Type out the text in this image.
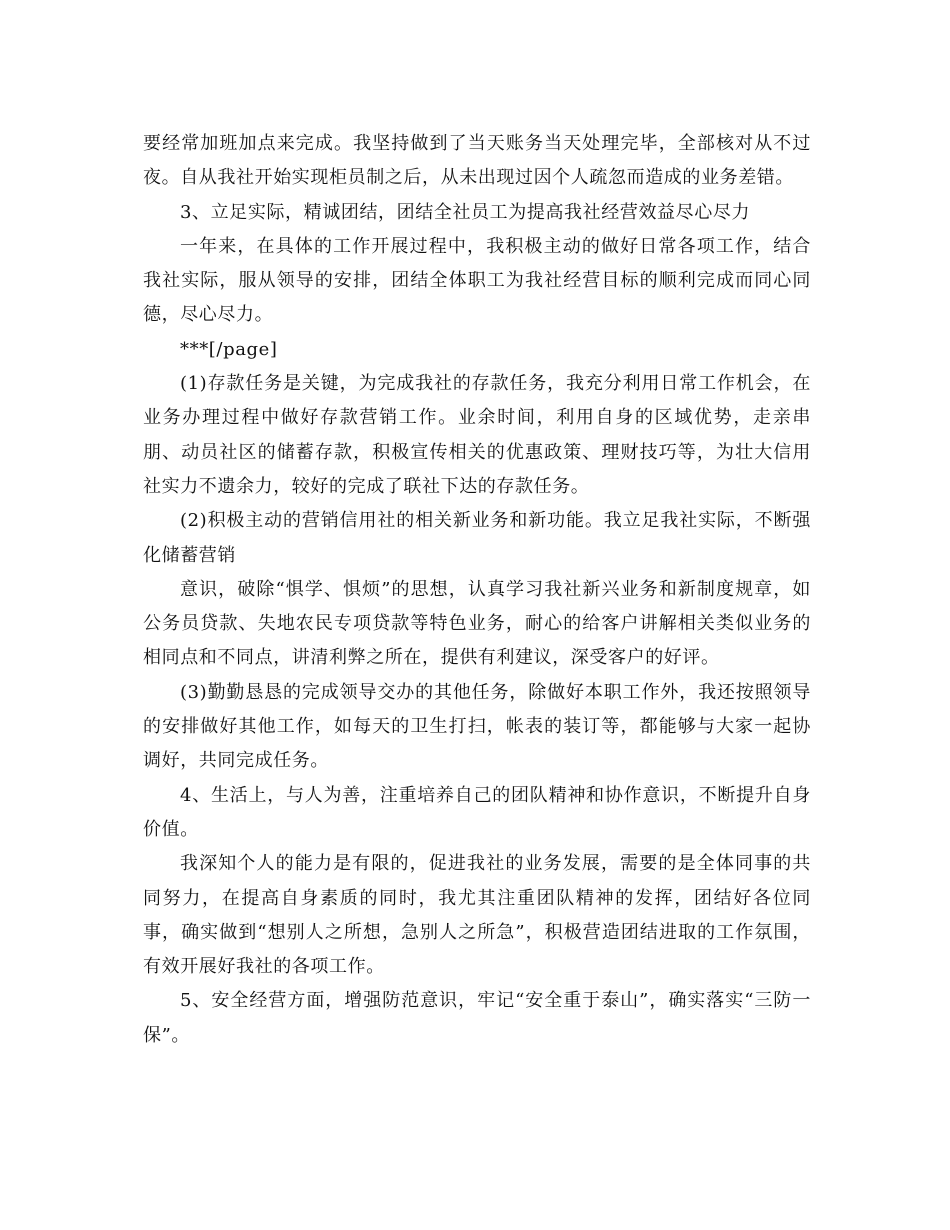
要经常加班加点来完成。我坚持做到了当天账务当天处理完毕，全部核对从不过夜。自从我社开始实现柜员制之后，从未出现过因个人疏忽而造成的业务差错。

3、立足实际，精诚团结，团结全社员工为提高我社经营效益尽心尽力

一年来，在具体的工作开展过程中，我积极主动的做好日常各项工作，结合我社实际，服从领导的安排，团结全体职工为我社经营目标的顺利完成而同心同德，尽心尽力。

***[/page]

(1)存款任务是关键，为完成我社的存款任务，我充分利用日常工作机会，在业务办理过程中做好存款营销工作。业余时间，利用自身的区域优势，走亲串朋、动员社区的储蓄存款，积极宣传相关的优惠政策、理财技巧等，为壮大信用社实力不遗余力，较好的完成了联社下达的存款任务。

(2)积极主动的营销信用社的相关新业务和新功能。我立足我社实际，不断强化储蓄营销

意识，破除“惧学、惧烦”的思想，认真学习我社新兴业务和新制度规章，如公务员贷款、失地农民专项贷款等特色业务，耐心的给客户讲解相关类似业务的相同点和不同点，讲清利弊之所在，提供有利建议，深受客户的好评。

(3)勤勤恳恳的完成领导交办的其他任务，除做好本职工作外，我还按照领导的安排做好其他工作，如每天的卫生打扫，帐表的装订等，都能够与大家一起协调好，共同完成任务。

4、生活上，与人为善，注重培养自己的团队精神和协作意识，不断提升自身价值。

我深知个人的能力是有限的，促进我社的业务发展，需要的是全体同事的共同努力，在提高自身素质的同时，我尤其注重团队精神的发挥，团结好各位同事，确实做到“想别人之所想，急别人之所急”，积极营造团结进取的工作氛围，有效开展好我社的各项工作。

5、安全经营方面，增强防范意识，牢记“安全重于泰山”，确实落实“三防一保”。
